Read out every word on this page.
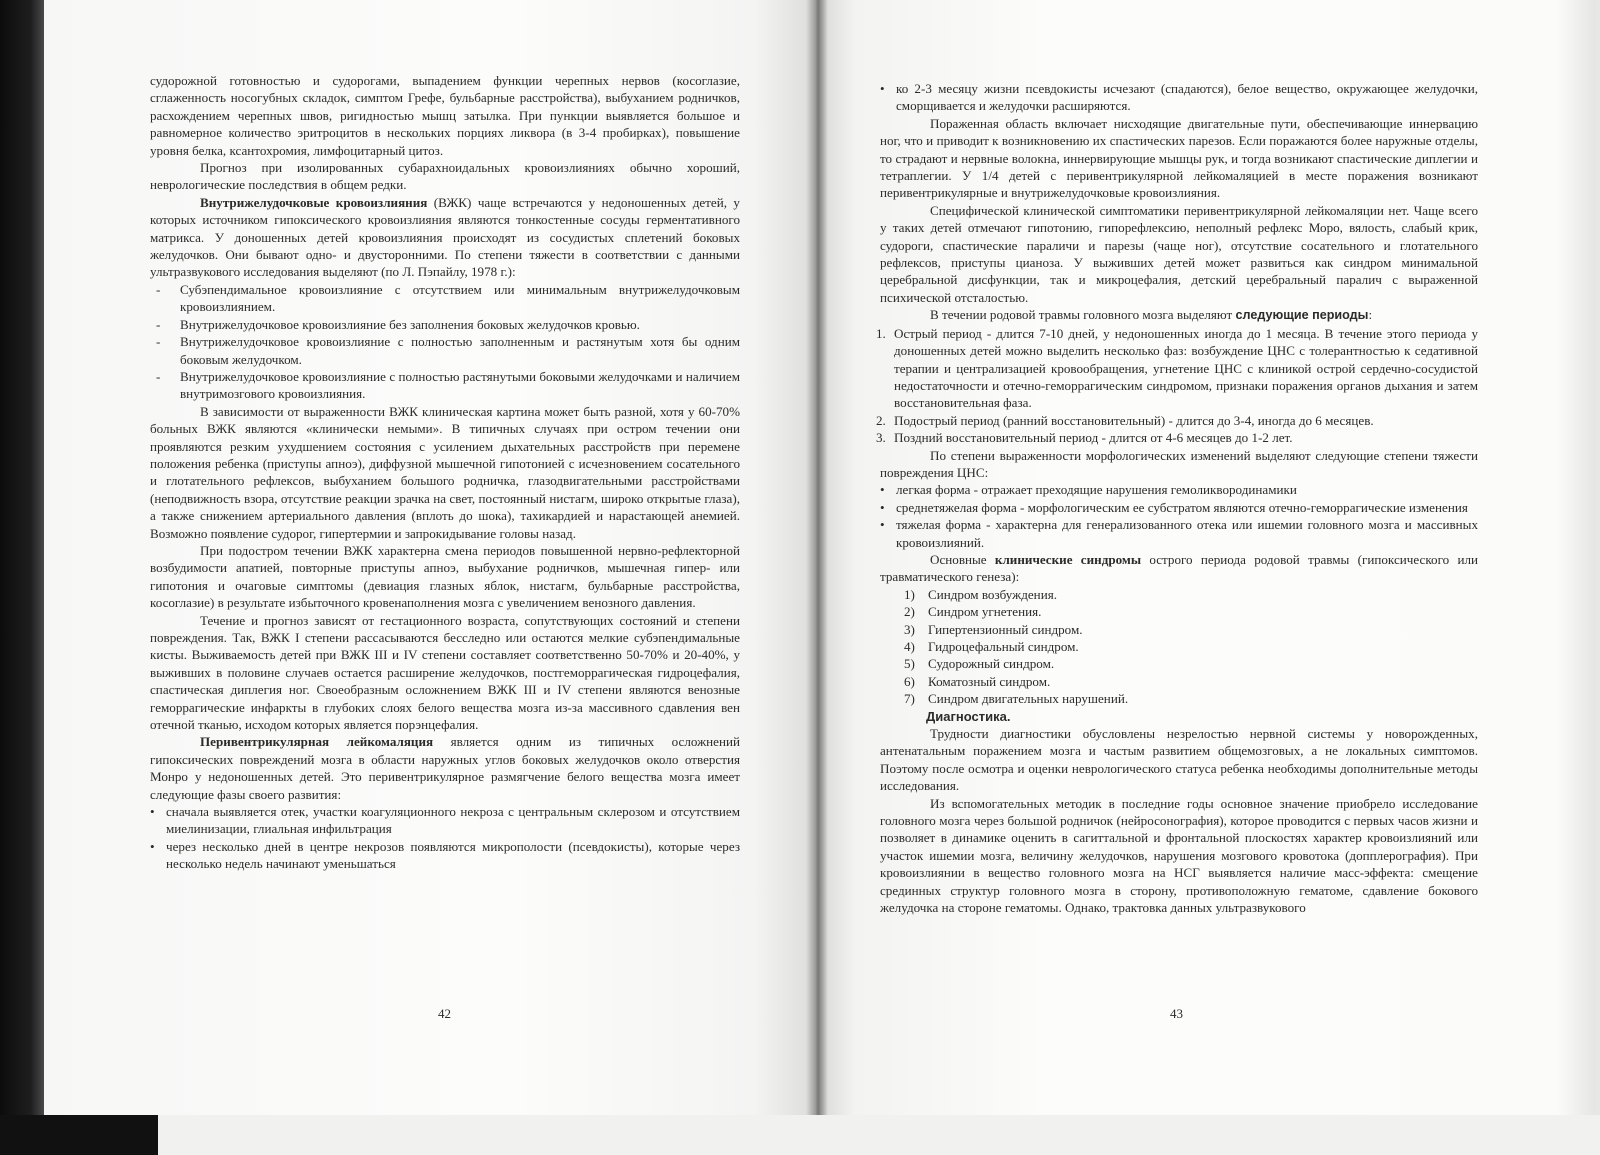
судорожной готовностью и судорогами, выпадением функции черепных нервов (косоглазие, сглаженность носогубных складок, симптом Грефе, бульбарные расстройства), выбуханием родничков, расхождением черепных швов, ригидностью мышц затылка. При пункции выявляется большое и равномерное количество эритроцитов в нескольких порциях ликвора (в 3-4 пробирках), повышение уровня белка, ксантохромия, лимфоцитарный цитоз.

Прогноз при изолированных субарахноидальных кровоизлияниях обычно хороший, неврологические последствия в общем редки.

Внутрижелудочковые кровоизлияния (ВЖК) чаще встречаются у недоношенных детей, у которых источником гипоксического кровоизлияния являются тонкостенные сосуды герментативного матрикса. У доношенных детей кровоизлияния происходят из сосудистых сплетений боковых желудочков. Они бывают одно- и двусторонними. По степени тяжести в соответствии с данными ультразвукового исследования выделяют (по Л. Пэпайлу, 1978 г.):

- Субэпендимальное кровоизлияние с отсутствием или минимальным внутрижелудочковым кровоизлиянием.
- Внутрижелудочковое кровоизлияние без заполнения боковых желудочков кровью.
- Внутрижелудочковое кровоизлияние с полностью заполненным и растянутым хотя бы одним боковым желудочком.
- Внутрижелудочковое кровоизлияние с полностью растянутыми боковыми желудочками и наличием внутримозгового кровоизлияния.

В зависимости от выраженности ВЖК клиническая картина может быть разной, хотя у 60-70% больных ВЖК являются «клинически немыми». В типичных случаях при остром течении они проявляются резким ухудшением состояния с усилением дыхательных расстройств при перемене положения ребенка (приступы апноэ), диффузной мышечной гипотонией с исчезновением сосательного и глотательного рефлексов, выбуханием большого родничка, глазодвигательными расстройствами (неподвижность взора, отсутствие реакции зрачка на свет, постоянный нистагм, широко открытые глаза), а также снижением артериального давления (вплоть до шока), тахикардией и нарастающей анемией. Возможно появление судорог, гипертермии и запрокидывание головы назад.

При подостром течении ВЖК характерна смена периодов повышенной нервно-рефлекторной возбудимости апатией, повторные приступы апноэ, выбухание родничков, мышечная гипер- или гипотония и очаговые симптомы (девиация глазных яблок, нистагм, бульбарные расстройства, косоглазие) в результате избыточного кровенаполнения мозга с увеличением венозного давления.

Течение и прогноз зависят от гестационного возраста, сопутствующих состояний и степени повреждения. Так, ВЖК I степени рассасываются бесследно или остаются мелкие субэпендимальные кисты. Выживаемость детей при ВЖК III и IV степени составляет соответственно 50-70% и 20-40%, у выживших в половине случаев остается расширение желудочков, постгеморрагическая гидроцефалия, спастическая диплегия ног. Своеобразным осложнением ВЖК III и IV степени являются венозные геморрагические инфаркты в глубоких слоях белого вещества мозга из-за массивного сдавления вен отечной тканью, исходом которых является порэнцефалия.

Перивентрикулярная лейкомаляция является одним из типичных осложнений гипоксических повреждений мозга в области наружных углов боковых желудочков около отверстия Монро у недоношенных детей. Это перивентрикулярное размягчение белого вещества мозга имеет следующие фазы своего развития:

• сначала выявляется отек, участки коагуляционного некроза с центральным склерозом и отсутствием миелинизации, глиальная инфильтрация
• через несколько дней в центре некрозов появляются микрополости (псевдокисты), которые через несколько недель начинают уменьшаться
42
• ко 2-3 месяцу жизни псевдокисты исчезают (спадаются), белое вещество, окружающее желудочки, сморщивается и желудочки расширяются.

Пораженная область включает нисходящие двигательные пути, обеспечивающие иннервацию ног, что и приводит к возникновению их спастических парезов. Если поражаются более наружные отделы, то страдают и нервные волокна, иннервирующие мышцы рук, и тогда возникают спастические диплегии и тетраплегии. У 1/4 детей с перивентрикулярной лейкомаляцией в месте поражения возникают перивентрикулярные и внутрижелудочковые кровоизлияния.

Специфической клинической симптоматики перивентрикулярной лейкомаляции нет. Чаще всего у таких детей отмечают гипотонию, гипорефлексию, неполный рефлекс Моро, вялость, слабый крик, судороги, спастические параличи и парезы (чаще ног), отсутствие сосательного и глотательного рефлексов, приступы цианоза. У выживших детей может развиться как синдром минимальной церебральной дисфункции, так и микроцефалия, детский церебральный паралич с выраженной психической отсталостью.

В течении родовой травмы головного мозга выделяют следующие периоды:

1. Острый период - длится 7-10 дней, у недоношенных иногда до 1 месяца. В течение этого периода у доношенных детей можно выделить несколько фаз: возбуждение ЦНС с толерантностью к седативной терапии и централизацией кровообращения, угнетение ЦНС с клиникой острой сердечно-сосудистой недостаточности и отечно-геморрагическим синдромом, признаки поражения органов дыхания и затем восстановительная фаза.
2. Подострый период (ранний восстановительный) - длится до 3-4, иногда до 6 месяцев.
3. Поздний восстановительный период - длится от 4-6 месяцев до 1-2 лет.

По степени выраженности морфологических изменений выделяют следующие степени тяжести повреждения ЦНС:

• легкая форма - отражает преходящие нарушения гемоликвородинамики
• среднетяжелая форма - морфологическим ее субстратом являются отечно-геморрагические изменения
• тяжелая форма - характерна для генерализованного отека или ишемии головного мозга и массивных кровоизлияний.

Основные клинические синдромы острого периода родовой травмы (гипоксического или травматического генеза):

1) Синдром возбуждения.
2) Синдром угнетения.
3) Гипертензионный синдром.
4) Гидроцефальный синдром.
5) Судорожный синдром.
6) Коматозный синдром.
7) Синдром двигательных нарушений.
Диагностика.

Трудности диагностики обусловлены незрелостью нервной системы у новорожденных, антенатальным поражением мозга и частым развитием общемозговых, а не локальных симптомов. Поэтому после осмотра и оценки неврологического статуса ребенка необходимы дополнительные методы исследования.

Из вспомогательных методик в последние годы основное значение приобрело исследование головного мозга через большой родничок (нейросонография), которое проводится с первых часов жизни и позволяет в динамике оценить в сагиттальной и фронтальной плоскостях характер кровоизлияний или участок ишемии мозга, величину желудочков, нарушения мозгового кровотока (допплерография). При кровоизлиянии в вещество головного мозга на НСГ выявляется наличие масс-эффекта: смещение срединных структур головного мозга в сторону, противоположную гематоме, сдавление бокового желудочка на стороне гематомы. Однако, трактовка данных ультразвукового

43
